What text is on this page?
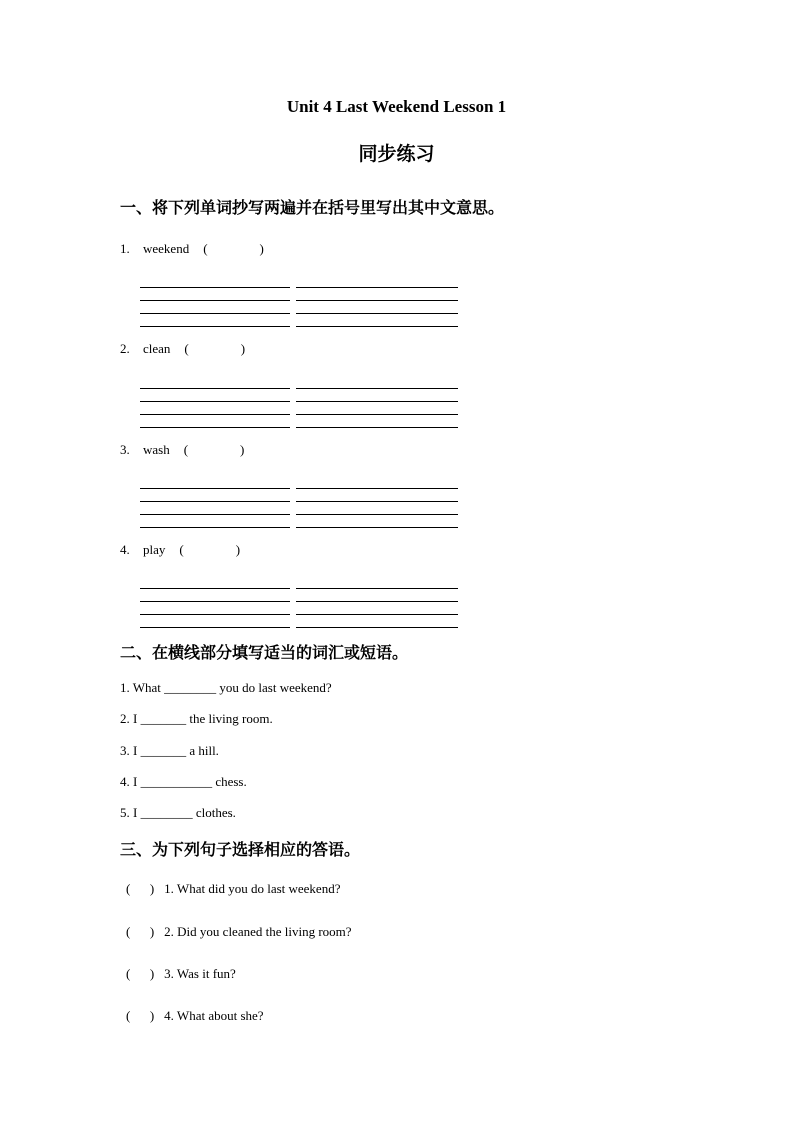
Unit 4 Last Weekend Lesson 1
同步练习
一、将下列单词抄写两遍并在括号里写出其中文意思。
1. weekend (            )
2. clean (            )
3. wash (            )
4. play (            )
二、在横线部分填写适当的词汇或短语。

1. What ________ you do last weekend?

2. I _______ the living room.

3. I _______ a hill.

4. I ___________ chess.

5. I ________ clothes.

三、为下列句子选择相应的答语。

(      ) 1. What did you do last weekend?

(      ) 2. Did you cleaned the living room?

(      ) 3. Was it fun?

(      ) 4. What about she?
